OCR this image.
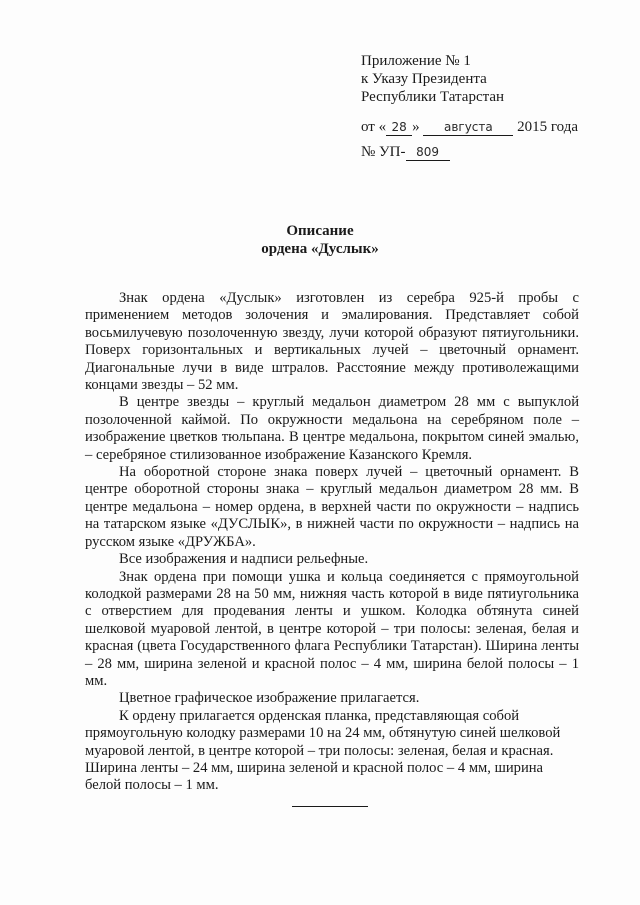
Приложение № 1
к Указу Президента
Республики Татарстан
от « 28 » августа 2015 года
№ УП- 809
Описание
ордена «Дуслык»

Знак ордена «Дуслык» изготовлен из серебра 925-й пробы с применением методов золочения и эмалирования. Представляет собой восьмилучевую позолоченную звезду, лучи которой образуют пятиугольники. Поверх горизонтальных и вертикальных лучей – цветочный орнамент. Диагональные лучи в виде штралов. Расстояние между противолежащими концами звезды – 52 мм.

В центре звезды – круглый медальон диаметром 28 мм с выпуклой позолоченной каймой. По окружности медальона на серебряном поле – изображение цветков тюльпана. В центре медальона, покрытом синей эмалью, – серебряное стилизованное изображение Казанского Кремля.

На оборотной стороне знака поверх лучей – цветочный орнамент. В центре оборотной стороны знака – круглый медальон диаметром 28 мм. В центре медальона – номер ордена, в верхней части по окружности – надпись на татарском языке «ДУСЛЫК», в нижней части по окружности – надпись на русском языке «ДРУЖБА».

Все изображения и надписи рельефные.

Знак ордена при помощи ушка и кольца соединяется с прямоугольной колодкой размерами 28 на 50 мм, нижняя часть которой в виде пятиугольника с отверстием для продевания ленты и ушком. Колодка обтянута синей шелковой муаровой лентой, в центре которой – три полосы: зеленая, белая и красная (цвета Государственного флага Республики Татарстан). Ширина ленты – 28 мм, ширина зеленой и красной полос – 4 мм, ширина белой полосы – 1 мм.

Цветное графическое изображение прилагается.

К ордену прилагается орденская планка, представляющая собой прямоугольную колодку размерами 10 на 24 мм, обтянутую синей шелковой муаровой лентой, в центре которой – три полосы: зеленая, белая и красная. Ширина ленты – 24 мм, ширина зеленой и красной полос – 4 мм, ширина белой полосы – 1 мм.
